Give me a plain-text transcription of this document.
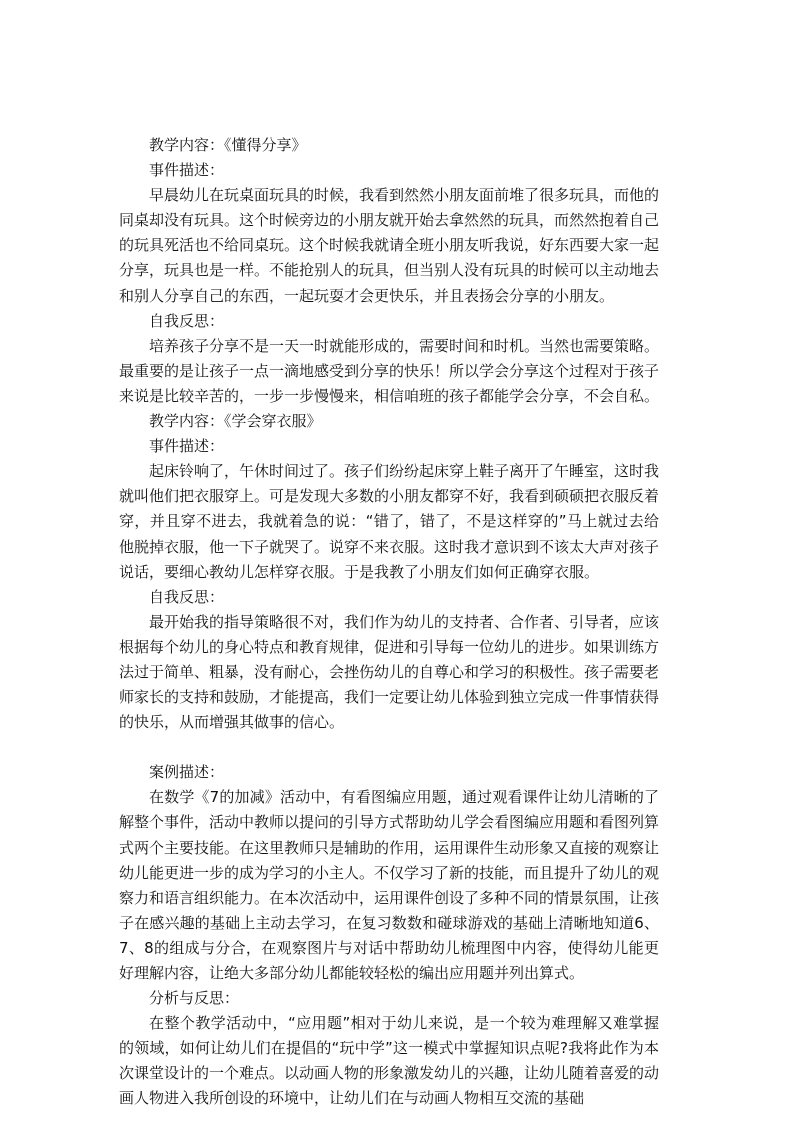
教学内容：《懂得分享》

事件描述：

早晨幼儿在玩桌面玩具的时候，我看到然然小朋友面前堆了很多玩具，而他的同桌却没有玩具。这个时候旁边的小朋友就开始去拿然然的玩具，而然然抱着自己的玩具死活也不给同桌玩。这个时候我就请全班小朋友听我说，好东西要大家一起分享，玩具也是一样。不能抢别人的玩具，但当别人没有玩具的时候可以主动地去和别人分享自己的东西，一起玩耍才会更快乐，并且表扬会分享的小朋友。

自我反思：

培养孩子分享不是一天一时就能形成的，需要时间和时机。当然也需要策略。最重要的是让孩子一点一滴地感受到分享的快乐！所以学会分享这个过程对于孩子来说是比较辛苦的，一步一步慢慢来，相信咱班的孩子都能学会分享，不会自私。

教学内容：《学会穿衣服》

事件描述：

起床铃响了，午休时间过了。孩子们纷纷起床穿上鞋子离开了午睡室，这时我就叫他们把衣服穿上。可是发现大多数的小朋友都穿不好，我看到硕硕把衣服反着穿，并且穿不进去，我就着急的说：“错了，错了，不是这样穿的”马上就过去给他脱掉衣服，他一下子就哭了。说穿不来衣服。这时我才意识到不该太大声对孩子说话，要细心教幼儿怎样穿衣服。于是我教了小朋友们如何正确穿衣服。

自我反思：

最开始我的指导策略很不对，我们作为幼儿的支持者、合作者、引导者，应该根据每个幼儿的身心特点和教育规律，促进和引导每一位幼儿的进步。如果训练方法过于简单、粗暴，没有耐心，会挫伤幼儿的自尊心和学习的积极性。孩子需要老师家长的支持和鼓励，才能提高，我们一定要让幼儿体验到独立完成一件事情获得的快乐，从而增强其做事的信心。

案例描述：

在数学《7的加减》活动中，有看图编应用题，通过观看课件让幼儿清晰的了解整个事件，活动中教师以提问的引导方式帮助幼儿学会看图编应用题和看图列算式两个主要技能。在这里教师只是辅助的作用，运用课件生动形象又直接的观察让幼儿能更进一步的成为学习的小主人。不仅学习了新的技能，而且提升了幼儿的观察力和语言组织能力。在本次活动中，运用课件创设了多种不同的情景氛围，让孩子在感兴趣的基础上主动去学习，在复习数数和碰球游戏的基础上清晰地知道6、7、8的组成与分合，在观察图片与对话中帮助幼儿梳理图中内容，使得幼儿能更好理解内容，让绝大多部分幼儿都能较轻松的编出应用题并列出算式。

分析与反思：

在整个教学活动中，“应用题”相对于幼儿来说，是一个较为难理解又难掌握的领域，如何让幼儿们在提倡的“玩中学”这一模式中掌握知识点呢?我将此作为本次课堂设计的一个难点。以动画人物的形象激发幼儿的兴趣，让幼儿随着喜爱的动画人物进入我所创设的环境中，让幼儿们在与动画人物相互交流的基础
